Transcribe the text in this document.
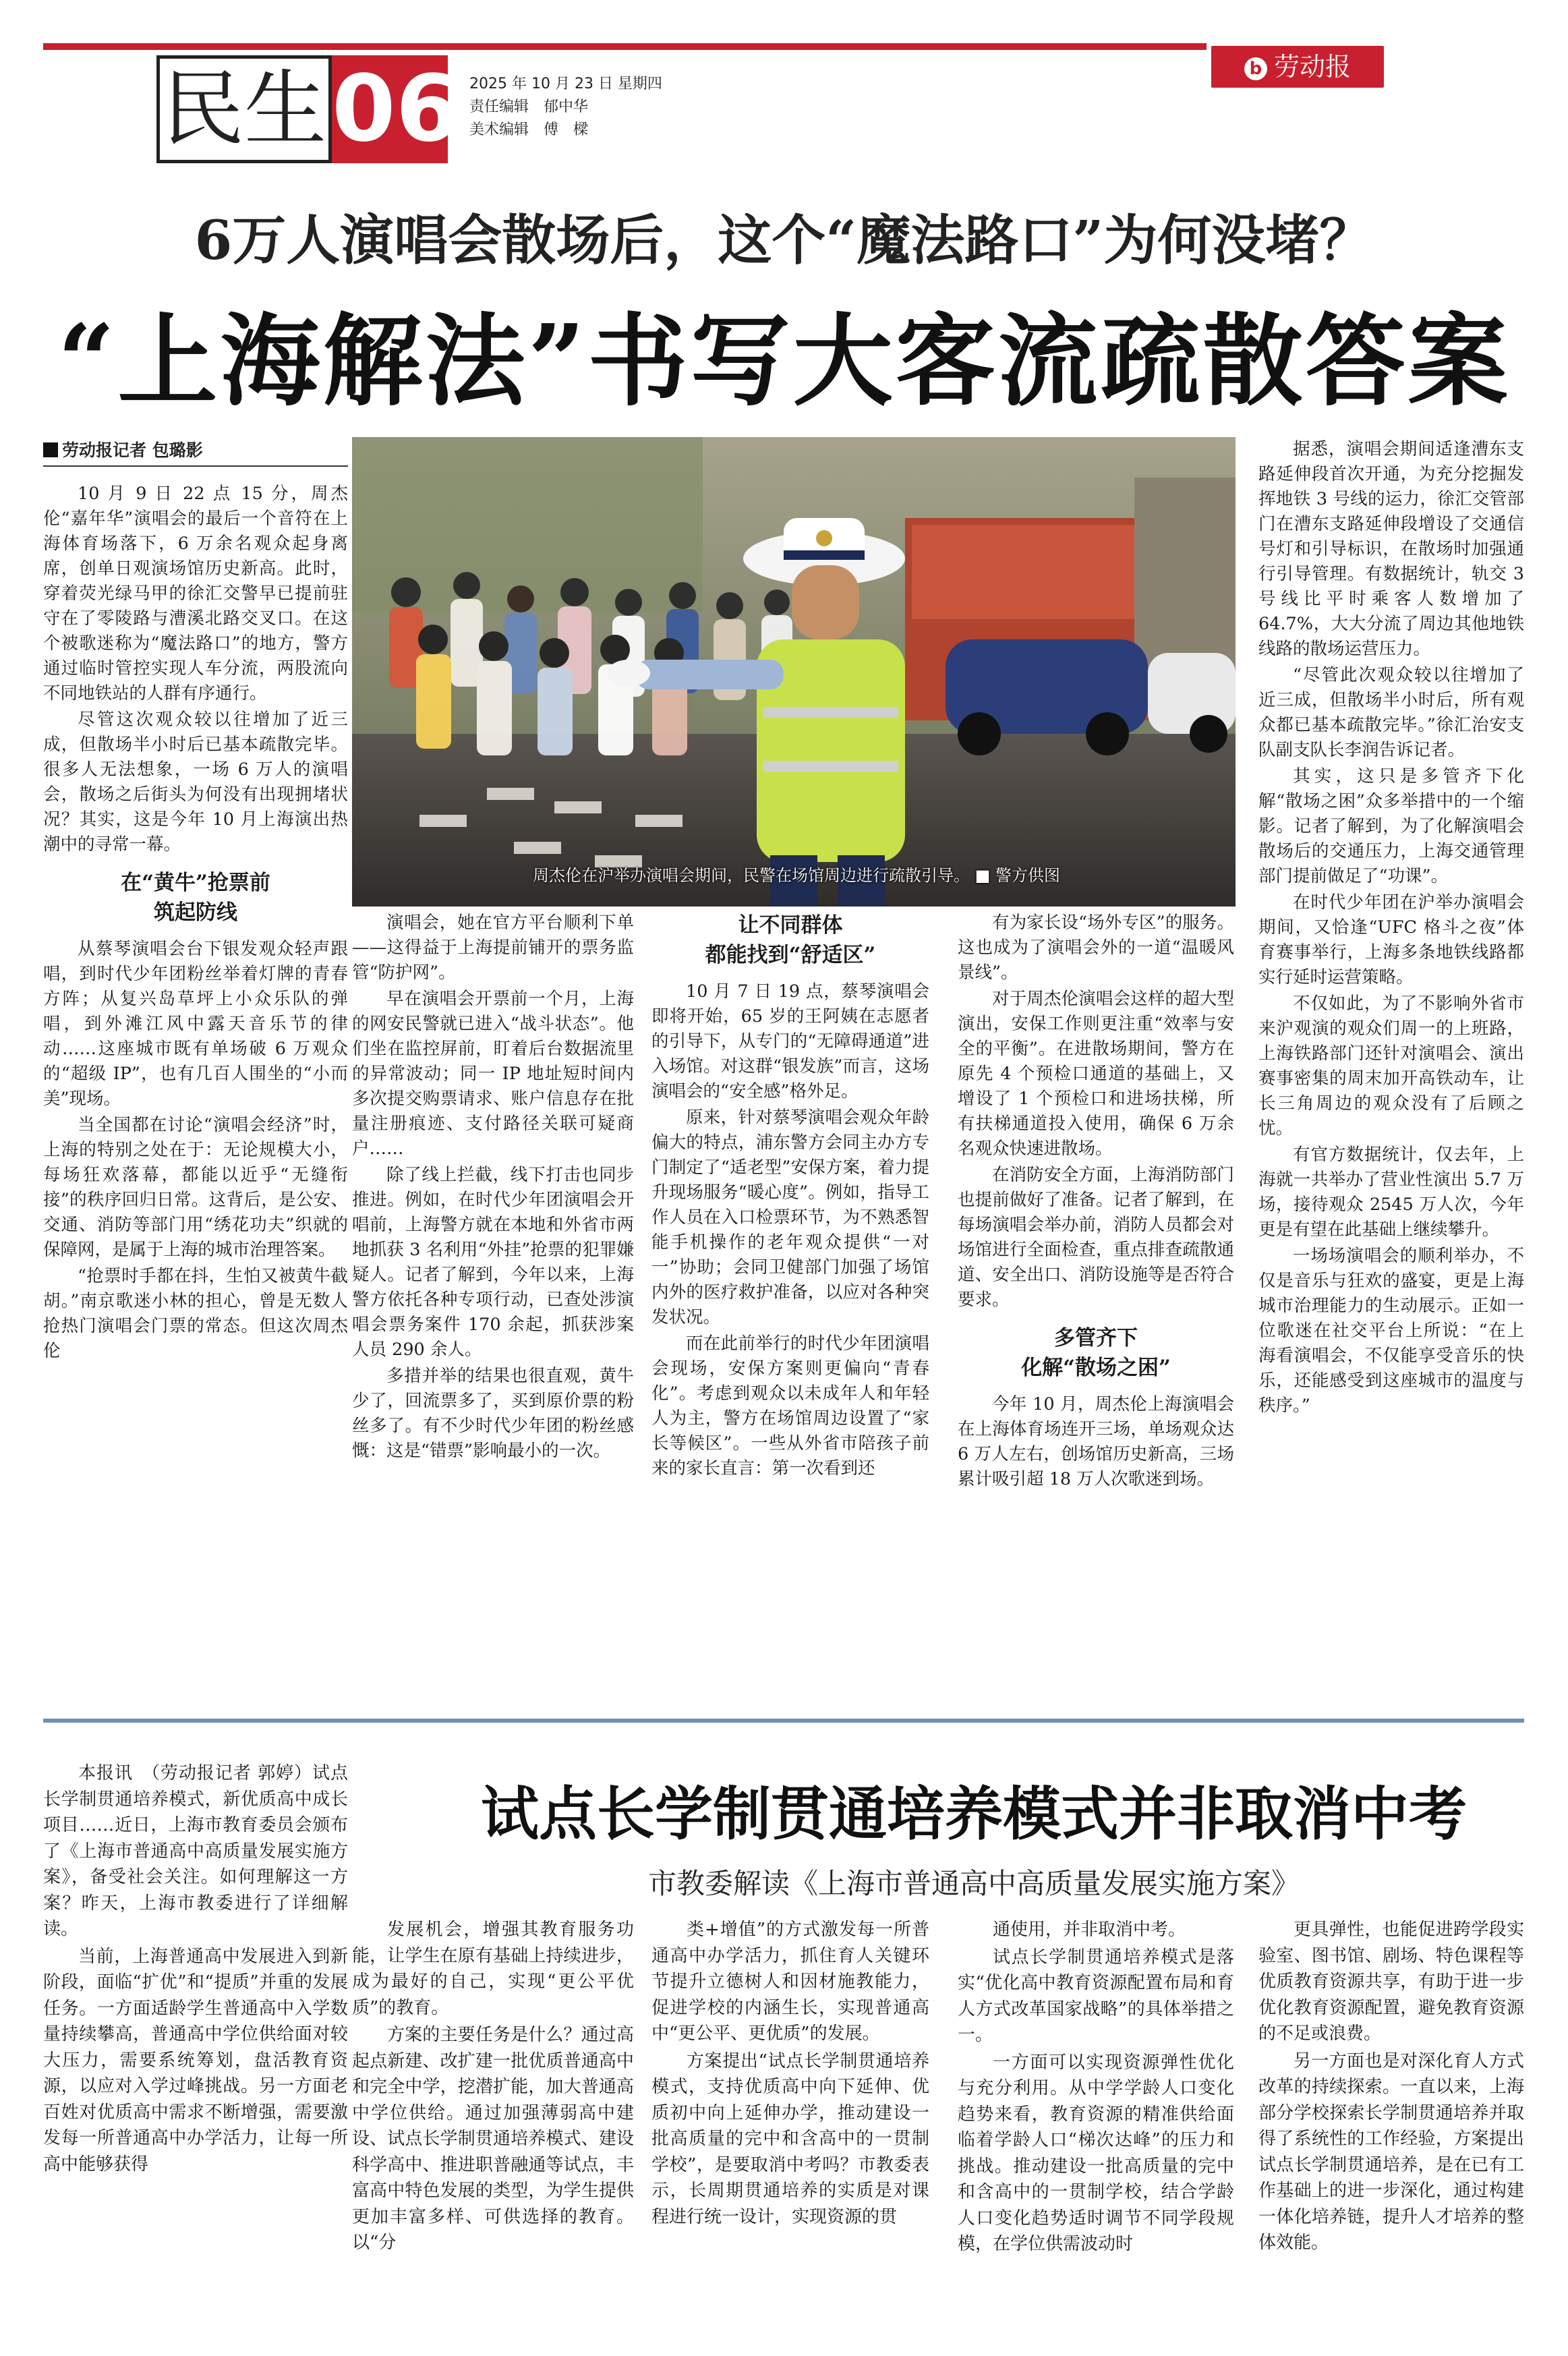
民生 06 2025 年 10 月 23 日 星期四
责任编辑　郁中华
美术编辑　傅　樑
b 劳动报
6万人演唱会散场后，这个“魔法路口”为何没堵？
“上海解法”书写大客流疏散答案
劳动报记者 包璐影

10 月 9 日 22 点 15 分，周杰伦“嘉年华”演唱会的最后一个音符在上海体育场落下，6 万余名观众起身离席，创单日观演场馆历史新高。此时，穿着荧光绿马甲的徐汇交警早已提前驻守在了零陵路与漕溪北路交叉口。在这个被歌迷称为“魔法路口”的地方，警方通过临时管控实现人车分流，两股流向不同地铁站的人群有序通行。

尽管这次观众较以往增加了近三成，但散场半小时后已基本疏散完毕。很多人无法想象，一场 6 万人的演唱会，散场之后街头为何没有出现拥堵状况？其实，这是今年 10 月上海演出热潮中的寻常一幕。

在“黄牛”抢票前
筑起防线

从蔡琴演唱会台下银发观众轻声跟唱，到时代少年团粉丝举着灯牌的青春方阵；从复兴岛草坪上小众乐队的弹唱，到外滩江风中露天音乐节的律动……这座城市既有单场破 6 万观众的“超级 IP”，也有几百人围坐的“小而美”现场。

当全国都在讨论“演唱会经济”时，上海的特别之处在于：无论规模大小，每场狂欢落幕，都能以近乎“无缝衔接”的秩序回归日常。这背后，是公安、交通、消防等部门用“绣花功夫”织就的保障网，是属于上海的城市治理答案。

“抢票时手都在抖，生怕又被黄牛截胡。”南京歌迷小林的担心，曾是无数人抢热门演唱会门票的常态。但这次周杰伦

周杰伦在沪举办演唱会期间，民警在场馆周边进行疏散引导。 ■ 警方供图

演唱会，她在官方平台顺利下单——这得益于上海提前铺开的票务监管“防护网”。

早在演唱会开票前一个月，上海的网安民警就已进入“战斗状态”。他们坐在监控屏前，盯着后台数据流里的异常波动；同一 IP 地址短时间内多次提交购票请求、账户信息存在批量注册痕迹、支付路径关联可疑商户……

除了线上拦截，线下打击也同步推进。例如，在时代少年团演唱会开唱前，上海警方就在本地和外省市两地抓获 3 名利用“外挂”抢票的犯罪嫌疑人。记者了解到，今年以来，上海警方依托各种专项行动，已查处涉演唱会票务案件 170 余起，抓获涉案人员 290 余人。

多措并举的结果也很直观，黄牛少了，回流票多了，买到原价票的粉丝多了。有不少时代少年团的粉丝感慨：这是“错票”影响最小的一次。

让不同群体
都能找到“舒适区”

10 月 7 日 19 点，蔡琴演唱会即将开始，65 岁的王阿姨在志愿者的引导下，从专门的“无障碍通道”进入场馆。对这群“银发族”而言，这场演唱会的“安全感”格外足。

原来，针对蔡琴演唱会观众年龄偏大的特点，浦东警方会同主办方专门制定了“适老型”安保方案，着力提升现场服务“暖心度”。例如，指导工作人员在入口检票环节，为不熟悉智能手机操作的老年观众提供“一对一”协助；会同卫健部门加强了场馆内外的医疗救护准备，以应对各种突发状况。

而在此前举行的时代少年团演唱会现场，安保方案则更偏向“青春化”。考虑到观众以未成年人和年轻人为主，警方在场馆周边设置了“家长等候区”。一些从外省市陪孩子前来的家长直言：第一次看到还

有为家长设“场外专区”的服务。这也成为了演唱会外的一道“温暖风景线”。

对于周杰伦演唱会这样的超大型演出，安保工作则更注重“效率与安全的平衡”。在进散场期间，警方在原先 4 个预检口通道的基础上，又增设了 1 个预检口和进场扶梯，所有扶梯通道投入使用，确保 6 万余名观众快速进散场。

在消防安全方面，上海消防部门也提前做好了准备。记者了解到，在每场演唱会举办前，消防人员都会对场馆进行全面检查，重点排查疏散通道、安全出口、消防设施等是否符合要求。

多管齐下
化解“散场之困”

今年 10 月，周杰伦上海演唱会在上海体育场连开三场，单场观众达 6 万人左右，创场馆历史新高，三场累计吸引超 18 万人次歌迷到场。

据悉，演唱会期间适逢漕东支路延伸段首次开通，为充分挖掘发挥地铁 3 号线的运力，徐汇交管部门在漕东支路延伸段增设了交通信号灯和引导标识，在散场时加强通行引导管理。有数据统计，轨交 3 号线比平时乘客人数增加了 64.7%，大大分流了周边其他地铁线路的散场运营压力。

“尽管此次观众较以往增加了近三成，但散场半小时后，所有观众都已基本疏散完毕。”徐汇治安支队副支队长李润告诉记者。

其实，这只是多管齐下化解“散场之困”众多举措中的一个缩影。记者了解到，为了化解演唱会散场后的交通压力，上海交通管理部门提前做足了“功课”。

在时代少年团在沪举办演唱会期间，又恰逢“UFC 格斗之夜”体育赛事举行，上海多条地铁线路都实行延时运营策略。

不仅如此，为了不影响外省市来沪观演的观众们周一的上班路，上海铁路部门还针对演唱会、演出赛事密集的周末加开高铁动车，让长三角周边的观众没有了后顾之忧。

有官方数据统计，仅去年，上海就一共举办了营业性演出 5.7 万场，接待观众 2545 万人次，今年更是有望在此基础上继续攀升。

一场场演唱会的顺利举办，不仅是音乐与狂欢的盛宴，更是上海城市治理能力的生动展示。正如一位歌迷在社交平台上所说：“在上海看演唱会，不仅能享受音乐的快乐，还能感受到这座城市的温度与秩序。”

试点长学制贯通培养模式并非取消中考
市教委解读《上海市普通高中高质量发展实施方案》

本报讯　（劳动报记者 郭婷）试点长学制贯通培养模式，新优质高中成长项目……近日，上海市教育委员会颁布了《上海市普通高中高质量发展实施方案》，备受社会关注。如何理解这一方案？昨天，上海市教委进行了详细解读。

当前，上海普通高中发展进入到新阶段，面临“扩优”和“提质”并重的发展任务。一方面适龄学生普通高中入学数量持续攀高，普通高中学位供给面对较大压力，需要系统筹划，盘活教育资源，以应对入学过峰挑战。另一方面老百姓对优质高中需求不断增强，需要激发每一所普通高中办学活力，让每一所高中能够获得

发展机会，增强其教育服务功能，让学生在原有基础上持续进步，成为最好的自己，实现“更公平优质”的教育。

方案的主要任务是什么？通过高起点新建、改扩建一批优质普通高中和完全中学，挖潜扩能，加大普通高中学位供给。通过加强薄弱高中建设、试点长学制贯通培养模式、建设科学高中、推进职普融通等试点，丰富高中特色发展的类型，为学生提供更加丰富多样、可供选择的教育。以“分

类+增值”的方式激发每一所普通高中办学活力，抓住育人关键环节提升立德树人和因材施教能力，促进学校的内涵生长，实现普通高中“更公平、更优质”的发展。

方案提出“试点长学制贯通培养模式，支持优质高中向下延伸、优质初中向上延伸办学，推动建设一批高质量的完中和含高中的一贯制学校”，是要取消中考吗？市教委表示，长周期贯通培养的实质是对课程进行统一设计，实现资源的贯

通使用，并非取消中考。

试点长学制贯通培养模式是落实“优化高中教育资源配置布局和育人方式改革国家战略”的具体举措之一。

一方面可以实现资源弹性优化与充分利用。从中学学龄人口变化趋势来看，教育资源的精准供给面临着学龄人口“梯次达峰”的压力和挑战。推动建设一批高质量的完中和含高中的一贯制学校，结合学龄人口变化趋势适时调节不同学段规模，在学位供需波动时

更具弹性，也能促进跨学段实验室、图书馆、剧场、特色课程等优质教育资源共享，有助于进一步优化教育资源配置，避免教育资源的不足或浪费。

另一方面也是对深化育人方式改革的持续探索。一直以来，上海部分学校探索长学制贯通培养并取得了系统性的工作经验，方案提出试点长学制贯通培养，是在已有工作基础上的进一步深化，通过构建一体化培养链，提升人才培养的整体效能。
